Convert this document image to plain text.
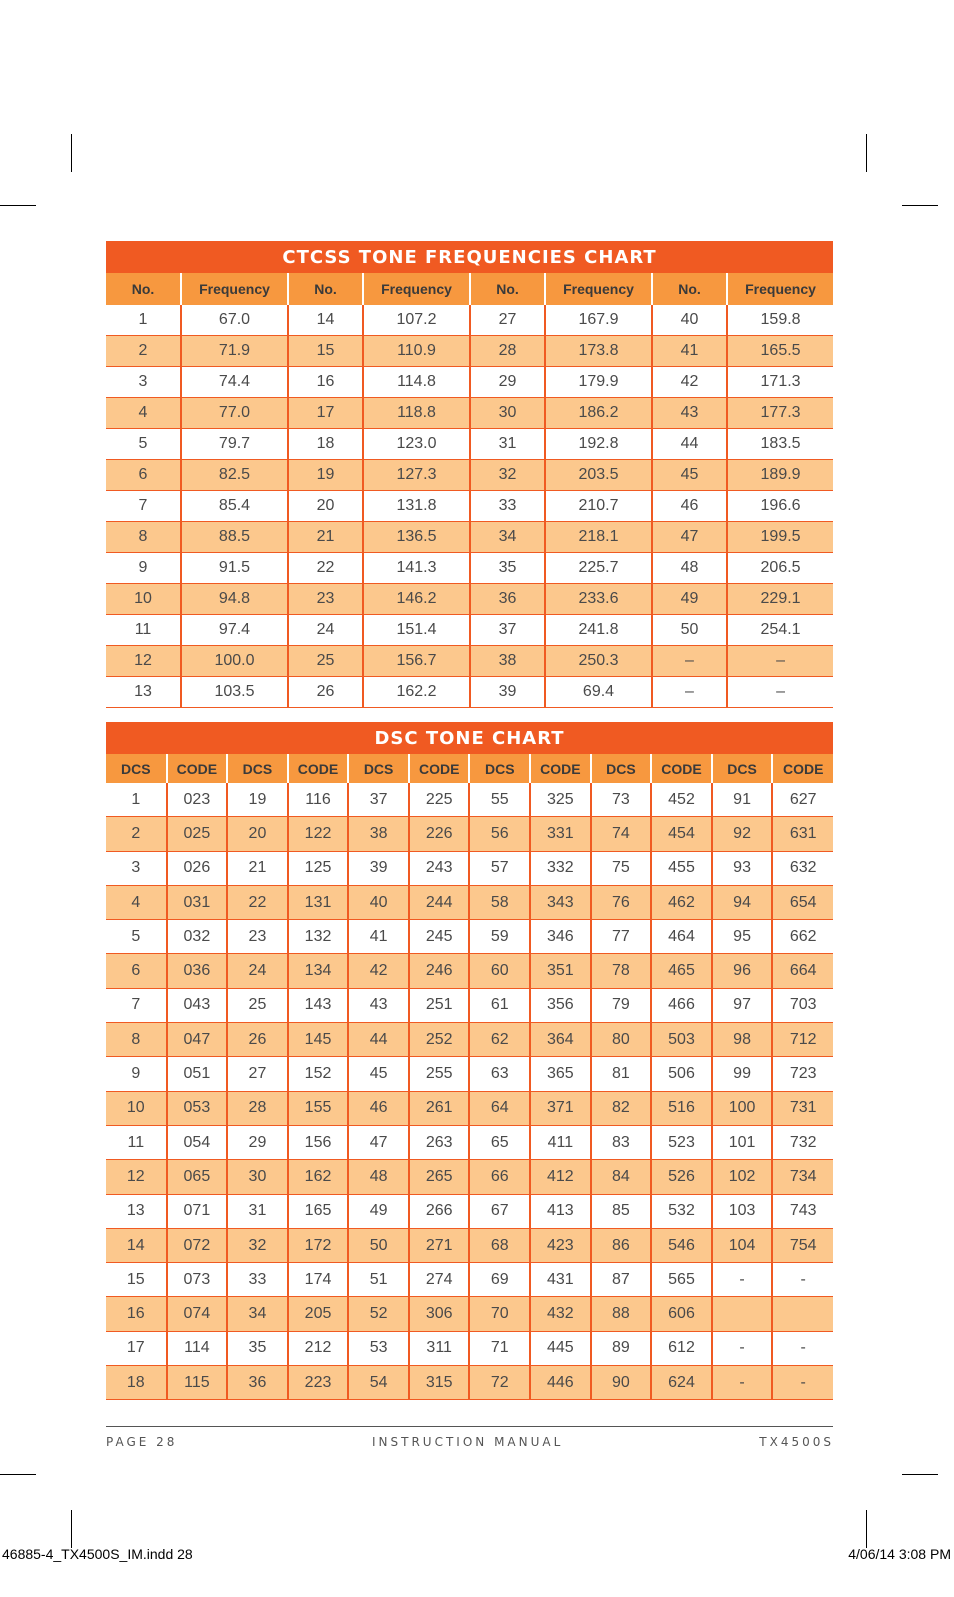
CTCSS TONE FREQUENCIES CHART							
No.	Frequency	No.	Frequency	No.	Frequency	No.	Frequency
1	67.0	14	107.2	27	167.9	40	159.8
2	71.9	15	110.9	28	173.8	41	165.5
3	74.4	16	114.8	29	179.9	42	171.3
4	77.0	17	118.8	30	186.2	43	177.3
5	79.7	18	123.0	31	192.8	44	183.5
6	82.5	19	127.3	32	203.5	45	189.9
7	85.4	20	131.8	33	210.7	46	196.6
8	88.5	21	136.5	34	218.1	47	199.5
9	91.5	22	141.3	35	225.7	48	206.5
10	94.8	23	146.2	36	233.6	49	229.1
11	97.4	24	151.4	37	241.8	50	254.1
12	100.0	25	156.7	38	250.3	–	–
13	103.5	26	162.2	39	69.4	–	–
DSC TONE CHART											
DCS	CODE	DCS	CODE	DCS	CODE	DCS	CODE	DCS	CODE	DCS	CODE
1	023	19	116	37	225	55	325	73	452	91	627
2	025	20	122	38	226	56	331	74	454	92	631
3	026	21	125	39	243	57	332	75	455	93	632
4	031	22	131	40	244	58	343	76	462	94	654
5	032	23	132	41	245	59	346	77	464	95	662
6	036	24	134	42	246	60	351	78	465	96	664
7	043	25	143	43	251	61	356	79	466	97	703
8	047	26	145	44	252	62	364	80	503	98	712
9	051	27	152	45	255	63	365	81	506	99	723
10	053	28	155	46	261	64	371	82	516	100	731
11	054	29	156	47	263	65	411	83	523	101	732
12	065	30	162	48	265	66	412	84	526	102	734
13	071	31	165	49	266	67	413	85	532	103	743
14	072	32	172	50	271	68	423	86	546	104	754
15	073	33	174	51	274	69	431	87	565	-	-
16	074	34	205	52	306	70	432	88	606		
17	114	35	212	53	311	71	445	89	612	-	-
18	115	36	223	54	315	72	446	90	624	-	-
PAGE 28	INSTRUCTION MANUAL	TX4500S
46885-4_TX4500S_IM.indd 28	4/06/14 3:08 PM
